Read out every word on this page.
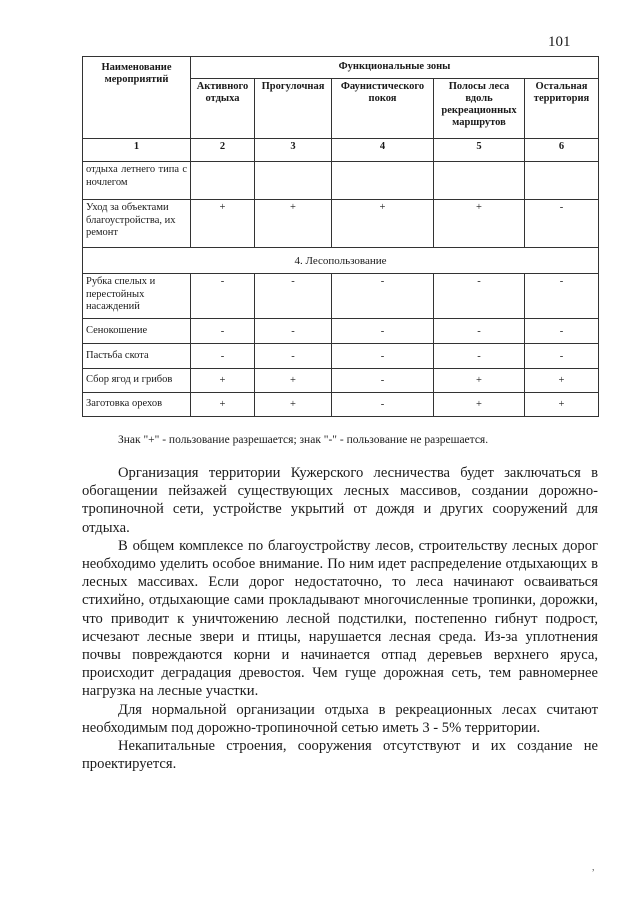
101
Наименование мероприятий	Функциональные зоны				
	Активного отдыха	Прогулочная	Фаунистического покоя	Полосы леса вдоль рекреационных маршрутов	Остальная территория
1	2	3	4	5	6
отдыха летнего типа с ночлегом					
Уход за объектами благоустройства, их ремонт	+	+	+	+	-
4. Лесопользование					
Рубка спелых и перестойных насаждений	-	-	-	-	-
Сенокошение	-	-	-	-	-
Пастьба скота	-	-	-	-	-
Сбор ягод и грибов	+	+	-	+	+
Заготовка орехов	+	+	-	+	+
Знак "+" - пользование разрешается; знак "-" - пользование не разрешается.

Организация территории Кужерского лесничества будет заключаться в обогащении пейзажей существующих лесных массивов, создании дорожно-тропиночной сети, устройстве укрытий от дождя и других сооружений для отдыха.

В общем комплексе по благоустройству лесов, строительству лесных дорог необходимо уделить особое внимание. По ним идет распределение отдыхающих в лесных массивах. Если дорог недостаточно, то леса начинают осваиваться стихийно, отдыхающие сами прокладывают многочисленные тропинки, дорожки, что приводит к уничтожению лесной подстилки, постепенно гибнут подрост, исчезают лесные звери и птицы, нарушается лесная среда. Из-за уплотнения почвы повреждаются корни и начинается отпад деревьев верхнего яруса, происходит деградация древостоя. Чем гуще дорожная сеть, тем равномернее нагрузка на лесные участки.

Для нормальной организации отдыха в рекреационных лесах считают необходимым под дорожно-тропиночной сетью иметь 3 - 5% территории.

Некапитальные строения, сооружения отсутствуют и их создание не проектируется.

,
